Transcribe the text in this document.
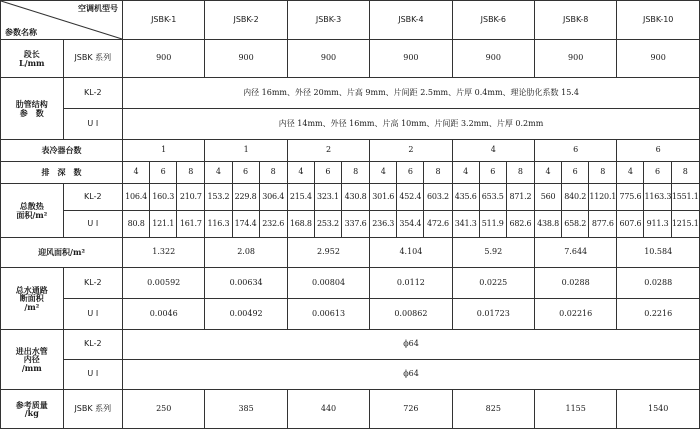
空调机型号
参数名称		JSBK-1			JSBK-2			JSBK-3			JSBK-4			JSBK-6			JSBK-8			JSBK-10		

段长
L/mm	JSBK 系列	900			900			900			900			900			900			900		

肋管结构
参　数	KL-2	内径 16mm、外径 20mm、片高 9mm、片间距 2.5mm、片厚 0.4mm、理论肋化系数 15.4																				
	U Ⅰ	内径 14mm、外径 16mm、片高 10mm、片间距 3.2mm、片厚 0.2mm																				
表冷器台数		1			1			2			2			4			6			6		
排　深　数		4	6	8	4	6	8	4	6	8	4	6	8	4	6	8	4	6	8	4	6	8

总散热
面积/m²	KL-2	106.4	160.3	210.7	153.2	229.8	306.4	215.4	323.1	430.8	301.6	452.4	603.2	435.6	653.5	871.2	560	840.2	1120.1	775.6	1163.3	1551.1
	U Ⅰ	80.8	121.1	161.7	116.3	174.4	232.6	168.8	253.2	337.6	236.3	354.4	472.6	341.3	511.9	682.6	438.8	658.2	877.6	607.6	911.3	1215.1
迎风面积/m²		1.322			2.08			2.952			4.104			5.92			7.644			10.584		

总水通路
断面积
/m²	KL-2	0.00592			0.00634			0.00804			0.0112			0.0225			0.0288			0.0288		
	U Ⅰ	0.0046			0.00492			0.00613			0.00862			0.01723			0.02216			0.2216		

进出水管
内径
/mm	KL-2	ϕ64																				
	U Ⅰ	ϕ64																				

参考质量
/kg	JSBK 系列	250			385			440			726			825			1155			1540		
